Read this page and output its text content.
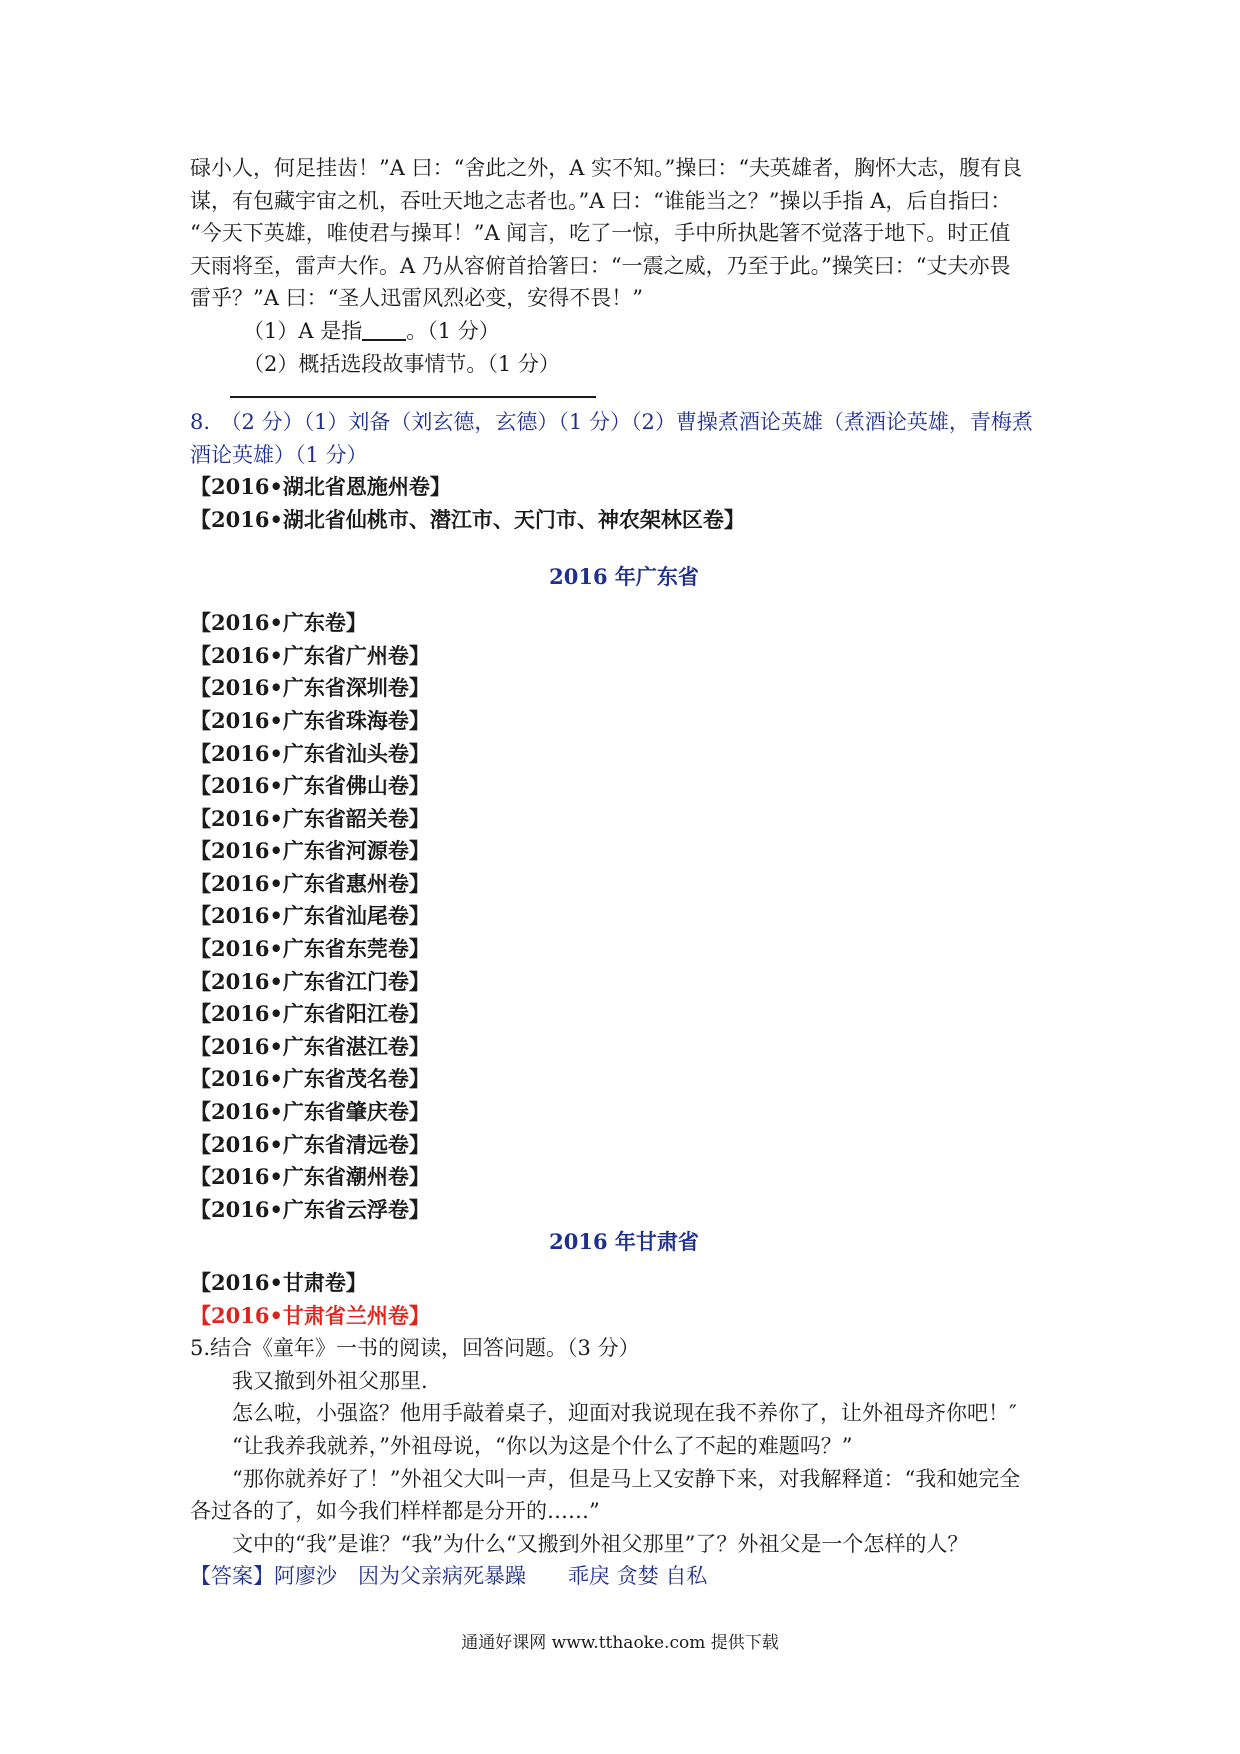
碌小人，何足挂齿！”A 曰：“舍此之外，A 实不知。”操曰：“夫英雄者，胸怀大志，腹有良

谋，有包藏宇宙之机，吞吐天地之志者也。”A 曰：“谁能当之？”操以手指 A，后自指曰：

“今天下英雄，唯使君与操耳！”A 闻言，吃了一惊，手中所执匙箸不觉落于地下。时正值

天雨将至，雷声大作。A 乃从容俯首拾箸曰：“一震之威，乃至于此。”操笑曰：“丈夫亦畏

雷乎？”A 曰：“圣人迅雷风烈必变，安得不畏！”

（1）A 是指 。（1 分）

（2）概括选段故事情节。（1 分）

8.　（2 分）（1）刘备（刘玄德，玄德）（1 分）（2）曹操煮酒论英雄（煮酒论英雄，青梅煮

酒论英雄）（1 分）

【2016•湖北省恩施州卷】

【2016•湖北省仙桃市、潜江市、天门市、神农架林区卷】

2016 年广东省

【2016•广东卷】

【2016•广东省广州卷】

【2016•广东省深圳卷】

【2016•广东省珠海卷】

【2016•广东省汕头卷】

【2016•广东省佛山卷】

【2016•广东省韶关卷】

【2016•广东省河源卷】

【2016•广东省惠州卷】

【2016•广东省汕尾卷】

【2016•广东省东莞卷】

【2016•广东省江门卷】

【2016•广东省阳江卷】

【2016•广东省湛江卷】

【2016•广东省茂名卷】

【2016•广东省肇庆卷】

【2016•广东省清远卷】

【2016•广东省潮州卷】

【2016•广东省云浮卷】

2016 年甘肃省

【2016•甘肃卷】

【2016•甘肃省兰州卷】

5.结合《童年》一书的阅读，回答问题。（3 分）

我又撤到外祖父那里.

怎么啦，小强盗？他用手敲着桌子，迎面对我说现在我不养你了，让外祖母齐你吧！″

“让我养我就养，”外祖母说，“你以为这是个什么了不起的难题吗？”

“那你就养好了！”外祖父大叫一声，但是马上又安静下来，对我解释道：“我和她完全

各过各的了，如今我们样样都是分开的……”

文中的“我”是谁？“我”为什么“又搬到外祖父那里”了？外祖父是一个怎样的人？

【答案】阿廖沙　因为父亲病死暴躁　　乖戾 贪婪 自私

通通好课网 www.tthaoke.com 提供下载
